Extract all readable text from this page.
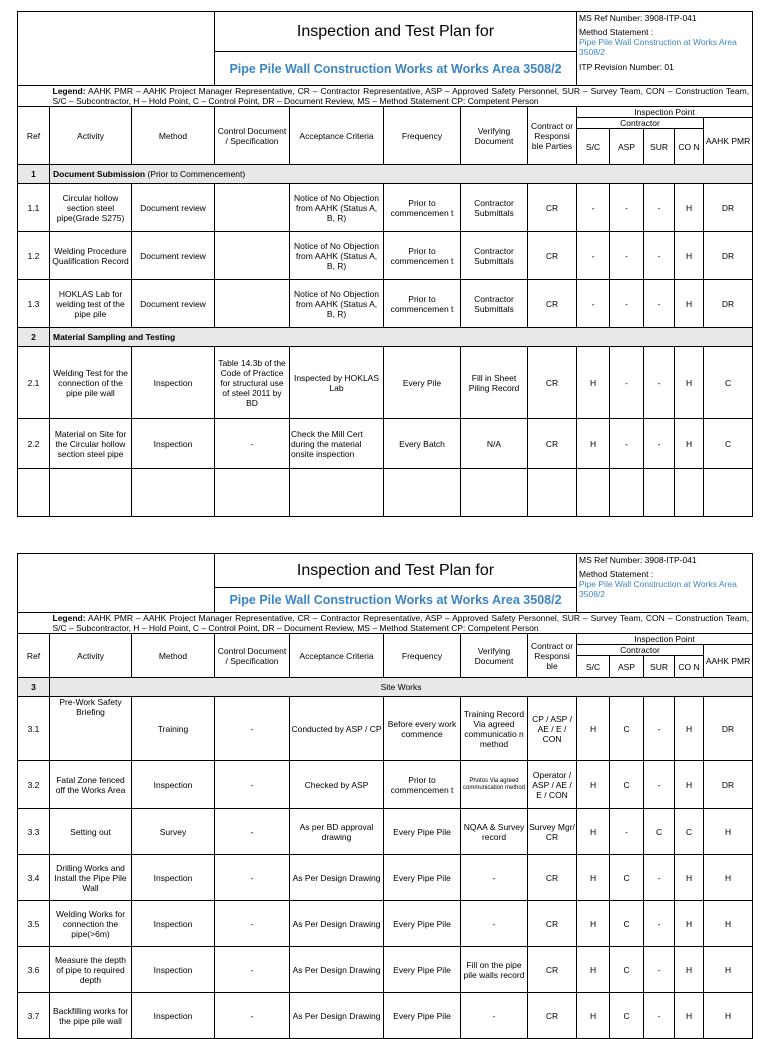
			Inspection and Test Plan for					MS Ref Number: 3908-ITP-041
Method Statement :
Pipe Pile Wall Construction at Works Area 3508/2
ITP Revision Number: 01				

			Pipe Pile Wall Construction Works at Works Area 3508/2									
	Legend: AAHK PMR – AAHK Project Manager Representative, CR – Contractor Representative, ASP – Approved Safety Personnel, SUR – Survey Team, CON – Construction Team, S/C – Subcontractor, H – Hold Point, C – Control Point, DR – Document Review, MS – Method Statement CP: Competent Person											
Ref	Activity	Method	Control Document / Specification	Acceptance Criteria	Frequency	Verifying Document	Contract or Responsi ble Parties	Inspection Point				
								Contractor				AAHK PMR
								S/C	ASP	SUR	CO N	
1	Document Submission (Prior to Commencement)											
1.1	Circular hollow section steel pipe(Grade S275)	Document review		Notice of No Objection from AAHK (Status A, B, R)	Prior to commencemen t	Contractor Submittals	CR	-	-	-	H	DR
1.2	Welding Procedure Qualification Record	Document review		Notice of No Objection from AAHK (Status A, B, R)	Prior to commencemen t	Contractor Submittals	CR	-	-	-	H	DR
1.3	HOKLAS Lab for welding test of the pipe pile	Document review		Notice of No Objection from AAHK (Status A, B, R)	Prior to commencemen t	Contractor Submittals	CR	-	-	-	H	DR
2	Material Sampling and Testing											
2.1	Welding Test for the connection of the pipe pile wall	Inspection	Table 14.3b of the Code of Practice for structural use of steel 2011 by BD	Inspected by HOKLAS Lab	Every Pile	Fill in Sheet Piling Record	CR	H	-	-	H	C
2.2	Material on Site for the Circular hollow section steel pipe	Inspection	-	Check the Mill Cert during the material onsite inspection	Every Batch	N/A	CR	H	-	-	H	C

			Inspection and Test Plan for					MS Ref Number: 3908-ITP-041
Method Statement :
Pipe Pile Wall Construction at Works Area 3508/2				

			Pipe Pile Wall Construction Works at Works Area 3508/2									
	Legend: AAHK PMR – AAHK Project Manager Representative, CR – Contractor Representative, ASP – Approved Safety Personnel, SUR – Survey Team, CON – Construction Team, S/C – Subcontractor, H – Hold Point, C – Control Point, DR – Document Review, MS – Method Statement CP: Competent Person											
Ref	Activity	Method	Control Document / Specification	Acceptance Criteria	Frequency	Verifying Document	Contract or Responsi ble	Inspection Point				
								Contractor				AAHK PMR
								S/C	ASP	SUR	CO N	
3	Site Works											
3.1	Pre-Work Safety Briefing	Training	-	Conducted by ASP / CP	Before every work commence	Training Record Via agreed communicatio n method	CP / ASP / AE / E / CON	H	C	-	H	DR
3.2	Fatal Zone fenced off the Works Area	Inspection	-	Checked by ASP	Prior to commencemen t	Photos Via agreed communication method	Operator / ASP / AE / E / CON	H	C	-	H	DR
3.3	Setting out	Survey	-	As per BD approval drawing	Every Pipe Pile	NQAA & Survey record	Survey Mgr/ CR	H	-	C	C	H
3.4	Drilling Works and Install the Pipe Pile Wall	Inspection	-	As Per Design Drawing	Every Pipe Pile	-	CR	H	C	-	H	H
3.5	Welding Works for connection the pipe(>6m)	Inspection	-	As Per Design Drawing	Every Pipe Pile	-	CR	H	C	-	H	H
3.6	Measure the depth of pipe to required depth	Inspection	-	As Per Design Drawing	Every Pipe Pile	Fill on the pipe pile walls record	CR	H	C	-	H	H
3.7	Backfilling works for the pipe pile wall	Inspection	-	As Per Design Drawing	Every Pipe Pile	-	CR	H	C	-	H	H
